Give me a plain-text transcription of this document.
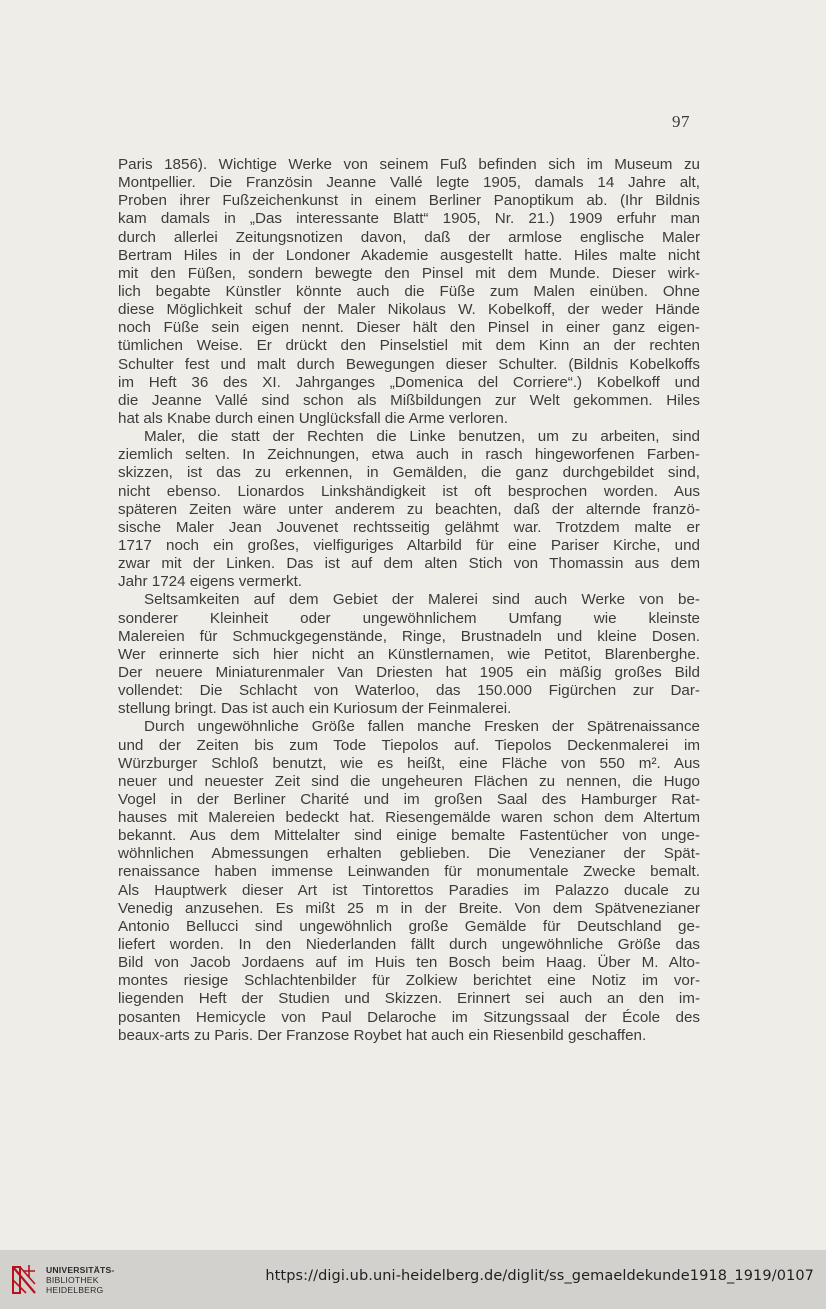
97
Paris 1856). Wichtige Werke von seinem Fuß befinden sich im Museum zu
Montpellier. Die Französin Jeanne Vallé legte 1905, damals 14 Jahre alt,
Proben ihrer Fußzeichenkunst in einem Berliner Panoptikum ab. (Ihr Bildnis
kam damals in „Das interessante Blatt“ 1905, Nr. 21.) 1909 erfuhr man
durch allerlei Zeitungsnotizen davon, daß der armlose englische Maler
Bertram Hiles in der Londoner Akademie ausgestellt hatte. Hiles malte nicht
mit den Füßen, sondern bewegte den Pinsel mit dem Munde. Dieser wirk-
lich begabte Künstler könnte auch die Füße zum Malen einüben. Ohne
diese Möglichkeit schuf der Maler Nikolaus W. Kobelkoff, der weder Hände
noch Füße sein eigen nennt. Dieser hält den Pinsel in einer ganz eigen-
tümlichen Weise. Er drückt den Pinselstiel mit dem Kinn an der rechten
Schulter fest und malt durch Bewegungen dieser Schulter. (Bildnis Kobelkoffs
im Heft 36 des XI. Jahrganges „Domenica del Corriere“.) Kobelkoff und
die Jeanne Vallé sind schon als Mißbildungen zur Welt gekommen. Hiles
hat als Knabe durch einen Unglücksfall die Arme verloren.
Maler, die statt der Rechten die Linke benutzen, um zu arbeiten, sind
ziemlich selten. In Zeichnungen, etwa auch in rasch hingeworfenen Farben-
skizzen, ist das zu erkennen, in Gemälden, die ganz durchgebildet sind,
nicht ebenso. Lionardos Linkshändigkeit ist oft besprochen worden. Aus
späteren Zeiten wäre unter anderem zu beachten, daß der alternde franzö-
sische Maler Jean Jouvenet rechtsseitig gelähmt war. Trotzdem malte er
1717 noch ein großes, vielfiguriges Altarbild für eine Pariser Kirche, und
zwar mit der Linken. Das ist auf dem alten Stich von Thomassin aus dem
Jahr 1724 eigens vermerkt.
Seltsamkeiten auf dem Gebiet der Malerei sind auch Werke von be-
sonderer Kleinheit oder ungewöhnlichem Umfang wie kleinste
Malereien für Schmuckgegenstände, Ringe, Brustnadeln und kleine Dosen.
Wer erinnerte sich hier nicht an Künstlernamen, wie Petitot, Blarenberghe.
Der neuere Miniaturenmaler Van Driesten hat 1905 ein mäßig großes Bild
vollendet: Die Schlacht von Waterloo, das 150.000 Figürchen zur Dar-
stellung bringt. Das ist auch ein Kuriosum der Feinmalerei.
Durch ungewöhnliche Größe fallen manche Fresken der Spätrenaissance
und der Zeiten bis zum Tode Tiepolos auf. Tiepolos Deckenmalerei im
Würzburger Schloß benutzt, wie es heißt, eine Fläche von 550 m². Aus
neuer und neuester Zeit sind die ungeheuren Flächen zu nennen, die Hugo
Vogel in der Berliner Charité und im großen Saal des Hamburger Rat-
hauses mit Malereien bedeckt hat. Riesengemälde waren schon dem Altertum
bekannt. Aus dem Mittelalter sind einige bemalte Fastentücher von unge-
wöhnlichen Abmessungen erhalten geblieben. Die Venezianer der Spät-
renaissance haben immense Leinwanden für monumentale Zwecke bemalt.
Als Hauptwerk dieser Art ist Tintorettos Paradies im Palazzo ducale zu
Venedig anzusehen. Es mißt 25 m in der Breite. Von dem Spätvenezianer
Antonio Bellucci sind ungewöhnlich große Gemälde für Deutschland ge-
liefert worden. In den Niederlanden fällt durch ungewöhnliche Größe das
Bild von Jacob Jordaens auf im Huis ten Bosch beim Haag. Über M. Alto-
montes riesige Schlachtenbilder für Zolkiew berichtet eine Notiz im vor-
liegenden Heft der Studien und Skizzen. Erinnert sei auch an den im-
posanten Hemicycle von Paul Delaroche im Sitzungssaal der École des
beaux-arts zu Paris. Der Franzose Roybet hat auch ein Riesenbild geschaffen.
UNIVERSITÄTS-
BIBLIOTHEK
HEIDELBERG
https://digi.ub.uni-heidelberg.de/diglit/ss_gemaeldekunde1918_1919/0107
